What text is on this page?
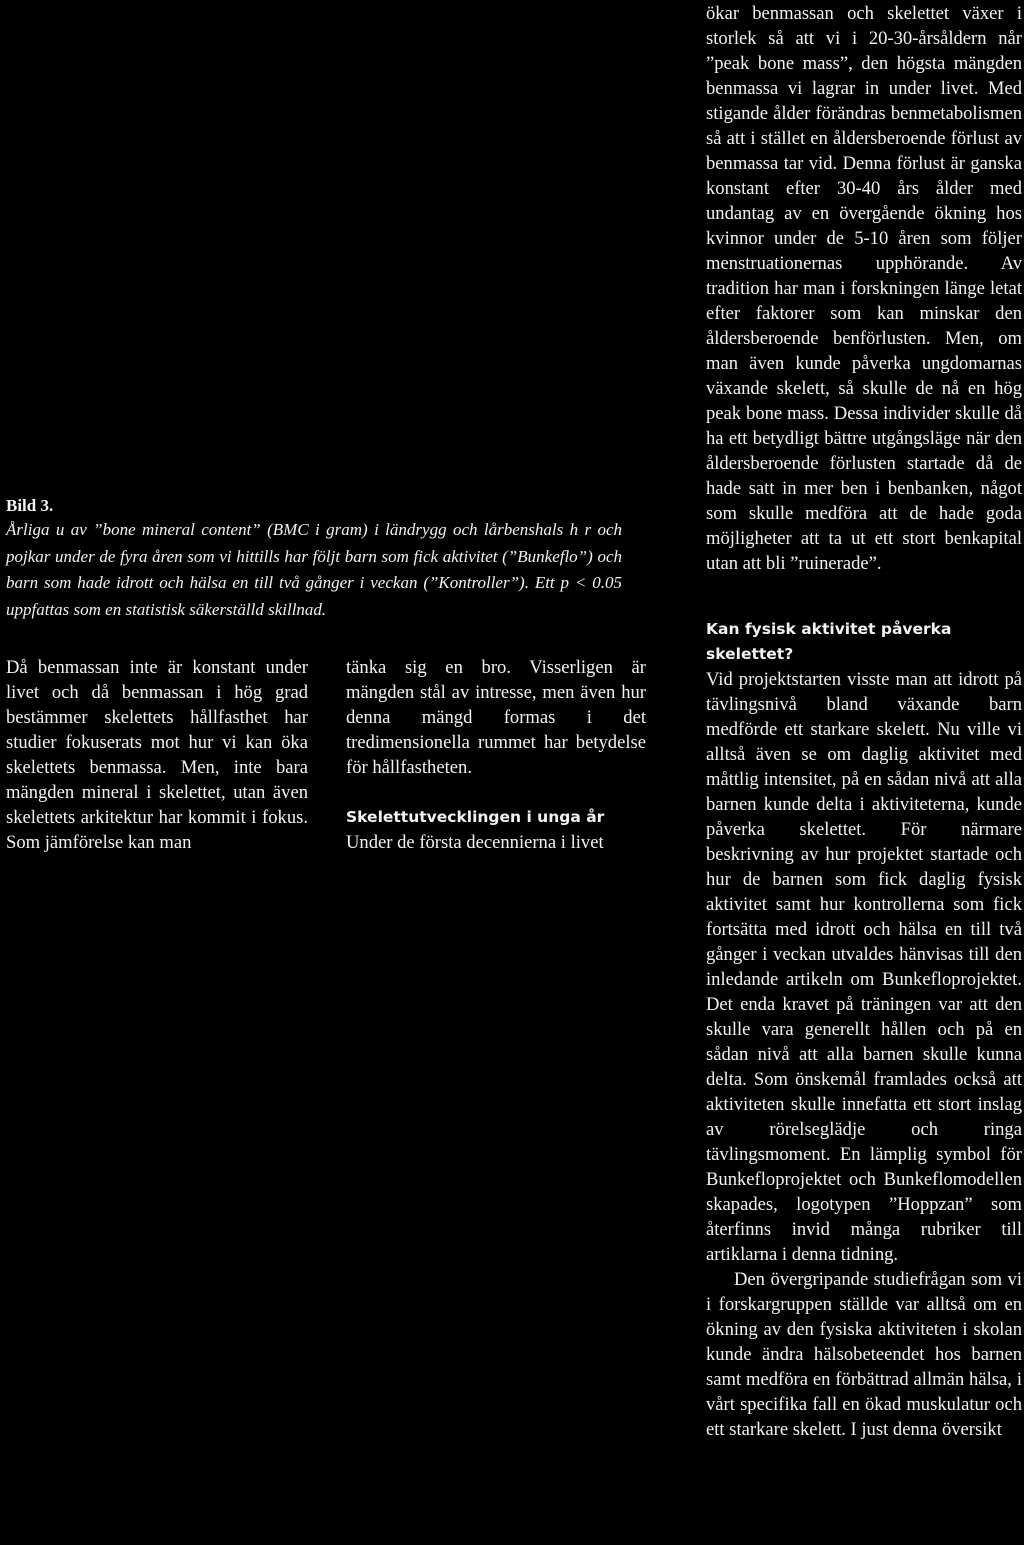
Bild 3.

Årliga u av ”bone mineral content” (BMC i gram) i ländrygg och lårbenshals h r och pojkar under de fyra åren som vi hittills har följt barn som fick aktivitet (”Bunkeflo”) och barn som hade idrott och hälsa en till två gånger i veckan (”Kontroller”). Ett p < 0.05 uppfattas som en statistisk säkerställd skillnad.

Då benmassan inte är konstant under livet och då benmassan i hög grad bestämmer skelettets hållfasthet har studier fokuserats mot hur vi kan öka skelettets benmassa. Men, inte bara mängden mineral i skelettet, utan även skelettets arkitektur har kommit i fokus. Som jämförelse kan man

tänka sig en bro. Visserligen är mängden stål av intresse, men även hur denna mängd formas i det tredimensionella rummet har betydelse för hållfastheten.

Skelettutvecklingen i unga år

Under de första decennierna i livet

ökar benmassan och skelettet växer i storlek så att vi i 20-30-årsåldern når ”peak bone mass”, den högsta mängden benmassa vi lagrar in under livet. Med stigande ålder förändras benmetabolismen så att i stället en åldersberoende förlust av benmassa tar vid. Denna förlust är ganska konstant efter 30-40 års ålder med undantag av en övergående ökning hos kvinnor under de 5-10 åren som följer menstruationernas upphörande. Av tradition har man i forskningen länge letat efter faktorer som kan minskar den åldersberoende benförlusten. Men, om man även kunde påverka ungdomarnas växande skelett, så skulle de nå en hög peak bone mass. Dessa individer skulle då ha ett betydligt bättre utgångsläge när den åldersberoende förlusten startade då de hade satt in mer ben i benbanken, något som skulle medföra att de hade goda möjligheter att ta ut ett stort benkapital utan att bli ”ruinerade”.

Kan fysisk aktivitet påverka skelettet?

Vid projektstarten visste man att idrott på tävlingsnivå bland växande barn medförde ett starkare skelett. Nu ville vi alltså även se om daglig aktivitet med måttlig intensitet, på en sådan nivå att alla barnen kunde delta i aktiviteterna, kunde påverka skelettet. För närmare beskrivning av hur projektet startade och hur de barnen som fick daglig fysisk aktivitet samt hur kontrollerna som fick fortsätta med idrott och hälsa en till två gånger i veckan utvaldes hänvisas till den inledande artikeln om Bunkefloprojektet. Det enda kravet på träningen var att den skulle vara generellt hållen och på en sådan nivå att alla barnen skulle kunna delta. Som önskemål framlades också att aktiviteten skulle innefatta ett stort inslag av rörelseglädje och ringa tävlingsmoment. En lämplig symbol för Bunkefloprojektet och Bunkeflomodellen skapades, logotypen ”Hoppzan” som återfinns invid många rubriker till artiklarna i denna tidning.

Den övergripande studiefrågan som vi i forskargruppen ställde var alltså om en ökning av den fysiska aktiviteten i skolan kunde ändra hälsobeteendet hos barnen samt medföra en förbättrad allmän hälsa, i vårt specifika fall en ökad muskulatur och ett starkare skelett. I just denna översikt
